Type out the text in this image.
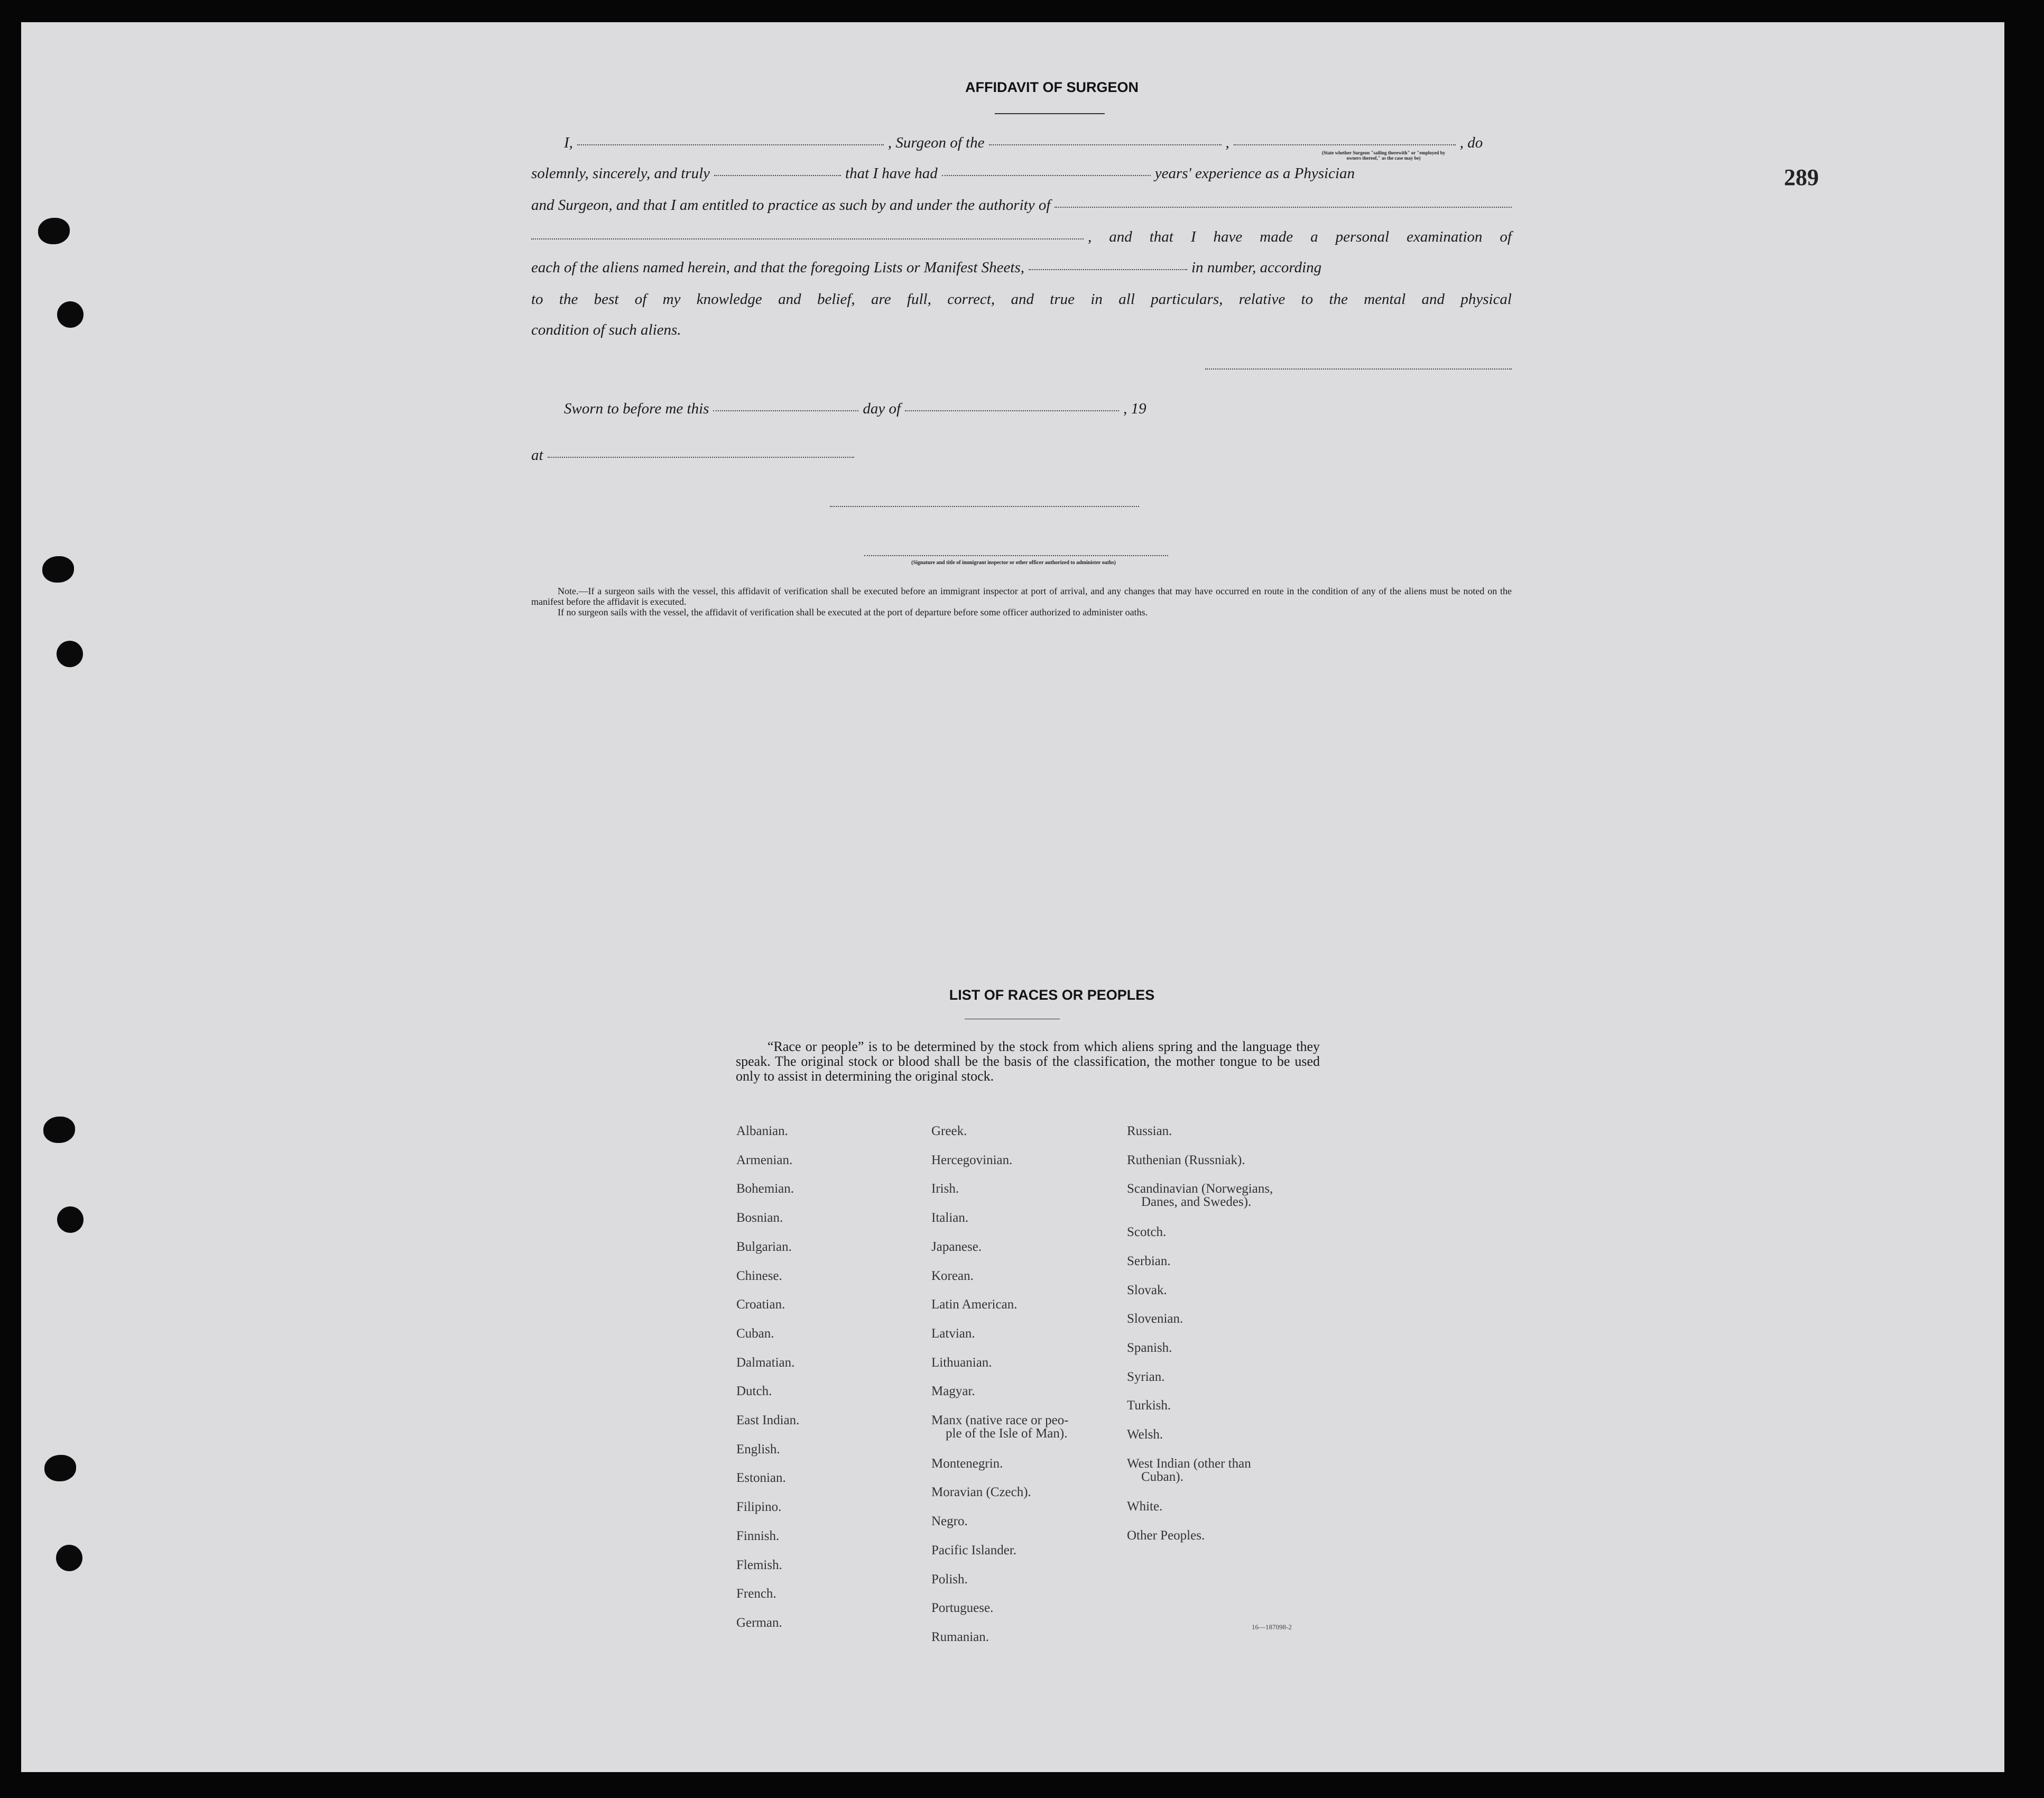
289
AFFIDAVIT OF SURGEON
I,	, Surgeon of the	,	, do
(State whether Surgeon "sailing therewith" or "employed by
owners thereof," as the case may be)
solemnly, sincerely, and truly	that I have had	years' experience as a Physician
and Surgeon, and that I am entitled to practice as such by and under the authority of
, and that I have made a personal examination of
each of the aliens named herein, and that the foregoing Lists or Manifest Sheets,	in number, according
to the best of my knowledge and belief, are full, correct, and true in all particulars, relative to the mental and physical
condition of such aliens.
Sworn to before me this	day of	, 19
at
(Signature and title of immigrant inspector or other officer authorized to administer oaths)
Note.—If a surgeon sails with the vessel, this affidavit of verification shall be executed before an immigrant inspector at port of arrival, and any changes that may have occurred en route in the condition of any of the aliens must be noted on the manifest before the affidavit is executed.
If no surgeon sails with the vessel, the affidavit of verification shall be executed at the port of departure before some officer authorized to administer oaths.
LIST OF RACES OR PEOPLES
“Race or people” is to be determined by the stock from which aliens spring and the language they speak. The original stock or blood shall be the basis of the classification, the mother tongue to be used only to assist in determining the original stock.
Albanian.
Armenian.
Bohemian.
Bosnian.
Bulgarian.
Chinese.
Croatian.
Cuban.
Dalmatian.
Dutch.
East Indian.
English.
Estonian.
Filipino.
Finnish.
Flemish.
French.
German.
Greek.
Hercegovinian.
Irish.
Italian.
Japanese.
Korean.
Latin American.
Latvian.
Lithuanian.
Magyar.
Manx (native race or peo-
ple of the Isle of Man).
Montenegrin.
Moravian (Czech).
Negro.
Pacific Islander.
Polish.
Portuguese.
Rumanian.
Russian.
Ruthenian (Russniak).
Scandinavian (Norwegians,
Danes, and Swedes).
Scotch.
Serbian.
Slovak.
Slovenian.
Spanish.
Syrian.
Turkish.
Welsh.
West Indian (other than
Cuban).
White.
Other Peoples.
16—187098-2
